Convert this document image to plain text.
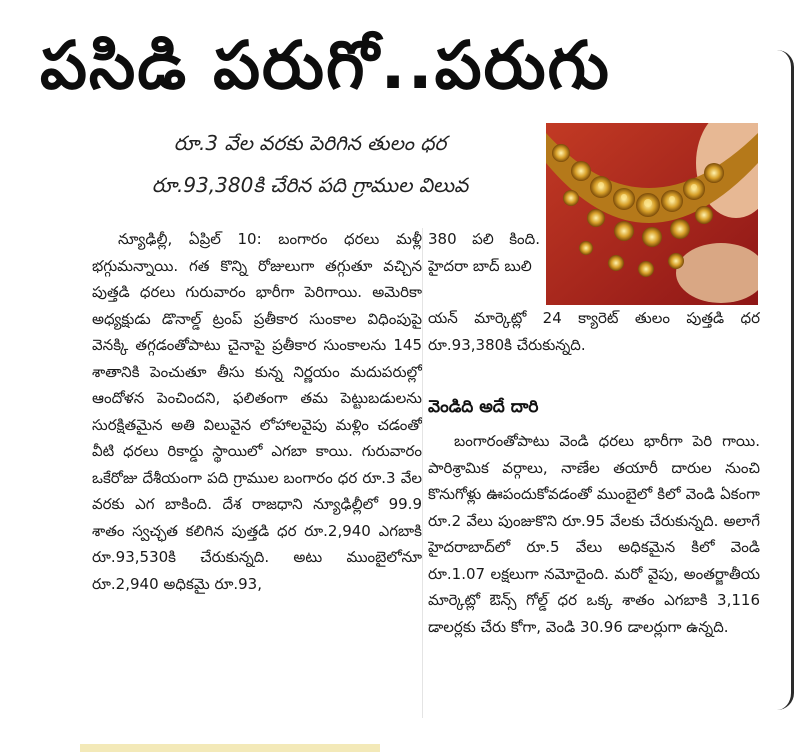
పసిడి పరుగో..పరుగు
రూ.3 వేల వరకు పెరిగిన తులం ధర
రూ.93,380కి చేరిన పది గ్రాముల విలువ

న్యూఢిల్లీ, ఏప్రిల్ 10: బంగారం ధరలు మళ్లీ భగ్గుమన్నాయి. గత కొన్ని రోజులుగా తగ్గుతూ వచ్చిన పుత్తడి ధరలు గురువారం భారీగా పెరిగాయి. అమెరికా అధ్యక్షుడు డొనాల్డ్ ట్రంప్ ప్రతీకార సుంకాల విధింపుపై వెనక్కి తగ్గడంతోపాటు చైనాపై ప్రతీకార సుంకాలను 145 శాతానికి పెంచుతూ తీసు కున్న నిర్ణయం మదుపరుల్లో ఆందోళన పెంచిందని, ఫలితంగా తమ పెట్టుబడులను సురక్షితమైన అతి విలువైన లోహాలవైపు మళ్లిం చడంతో వీటి ధరలు రికార్డు స్థాయిలో ఎగబా కాయి. గురువారం ఒకేరోజు దేశీయంగా పది గ్రాముల బంగారం ధర రూ.3 వేల వరకు ఎగ బాకింది. దేశ రాజధాని న్యూఢిల్లీలో 99.9 శాతం స్వచ్ఛత కలిగిన పుత్తడి ధర రూ.2,940 ఎగబాకి రూ.93,530కి చేరుకున్నది. అటు ముంబైలోనూ రూ.2,940 అధికమై రూ.93,

380 పలి కింది. హైదరా బాద్ బులి

యన్ మార్కెట్లో 24 క్యారెట్ తులం పుత్తడి ధర రూ.93,380కి చేరుకున్నది.

వెండిది అదే దారి

బంగారంతోపాటు వెండి ధరలు భారీగా పెరి గాయి. పారిశ్రామిక వర్గాలు, నాణేల తయారీ దారుల నుంచి కొనుగోళ్లు ఊపందుకోవడంతో ముంబైలో కిలో వెండి ఏకంగా రూ.2 వేలు పుంజుకొని రూ.95 వేలకు చేరుకున్నది. అలాగే హైదరాబాద్‌లో రూ.5 వేలు అధికమైన కిలో వెండి రూ.1.07 లక్షలుగా నమోదైంది. మరో వైపు, అంతర్జాతీయ మార్కెట్లో ఔన్స్ గోల్డ్ ధర ఒక్క శాతం ఎగబాకి 3,116 డాలర్లకు చేరు కోగా, వెండి 30.96 డాలర్లుగా ఉన్నది.
